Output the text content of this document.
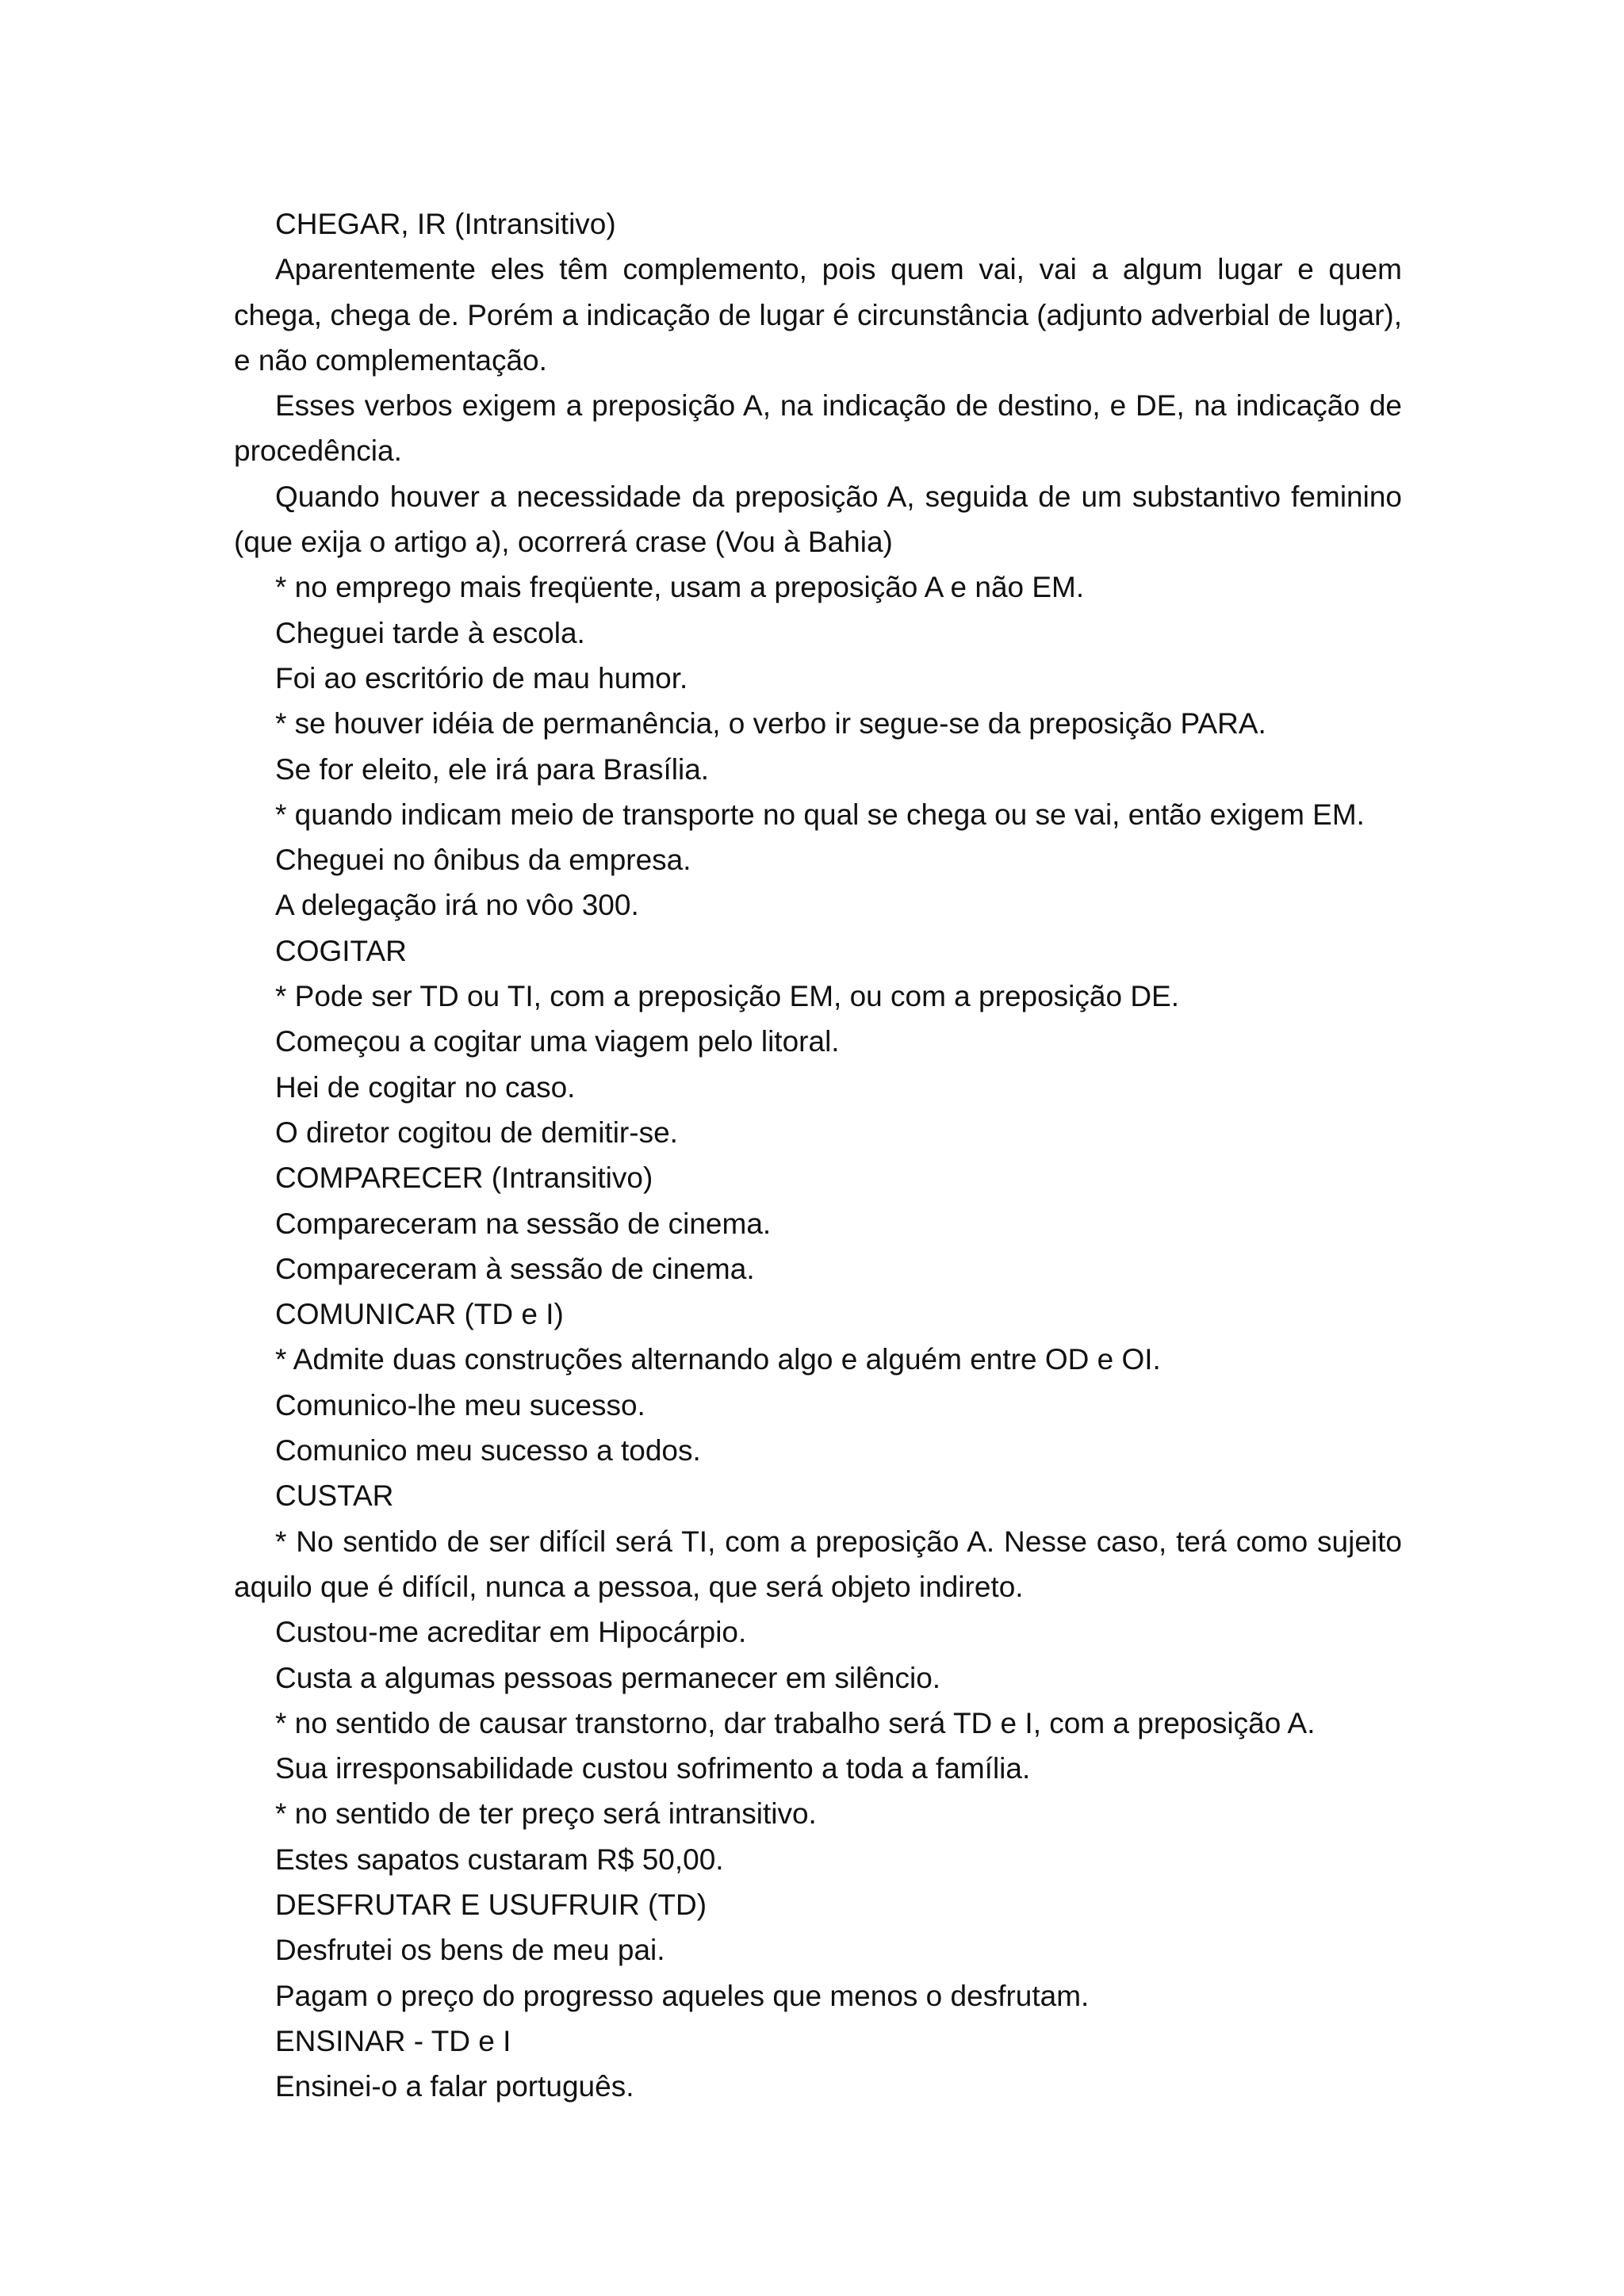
CHEGAR, IR (Intransitivo)

Aparentemente eles têm complemento, pois quem vai, vai a algum lugar e quem chega, chega de. Porém a indicação de lugar é circunstância (adjunto adverbial de lugar), e não complementação.

Esses verbos exigem a preposição A, na indicação de destino, e DE, na indicação de procedência.

Quando houver a necessidade da preposição A, seguida de um substantivo feminino (que exija o artigo a), ocorrerá crase (Vou à Bahia)

* no emprego mais freqüente, usam a preposição A e não EM.

Cheguei tarde à escola.

Foi ao escritório de mau humor.

* se houver idéia de permanência, o verbo ir segue-se da preposição PARA.

Se for eleito, ele irá para Brasília.

* quando indicam meio de transporte no qual se chega ou se vai, então exigem EM.

Cheguei no ônibus da empresa.

A delegação irá no vôo 300.

COGITAR

* Pode ser TD ou TI, com a preposição EM, ou com a preposição DE.

Começou a cogitar uma viagem pelo litoral.

Hei de cogitar no caso.

O diretor cogitou de demitir-se.

COMPARECER (Intransitivo)

Compareceram na sessão de cinema.

Compareceram à sessão de cinema.

COMUNICAR (TD e I)

* Admite duas construções alternando algo e alguém entre OD e OI.

Comunico-lhe meu sucesso.

Comunico meu sucesso a todos.

CUSTAR

* No sentido de ser difícil será TI, com a preposição A. Nesse caso, terá como sujeito aquilo que é difícil, nunca a pessoa, que será objeto indireto.

Custou-me acreditar em Hipocárpio.

Custa a algumas pessoas permanecer em silêncio.

* no sentido de causar transtorno, dar trabalho será TD e I, com a preposição A.

Sua irresponsabilidade custou sofrimento a toda a família.

* no sentido de ter preço será intransitivo.

Estes sapatos custaram R$ 50,00.

DESFRUTAR E USUFRUIR (TD)

Desfrutei os bens de meu pai.

Pagam o preço do progresso aqueles que menos o desfrutam.

ENSINAR - TD e I

Ensinei-o a falar português.
